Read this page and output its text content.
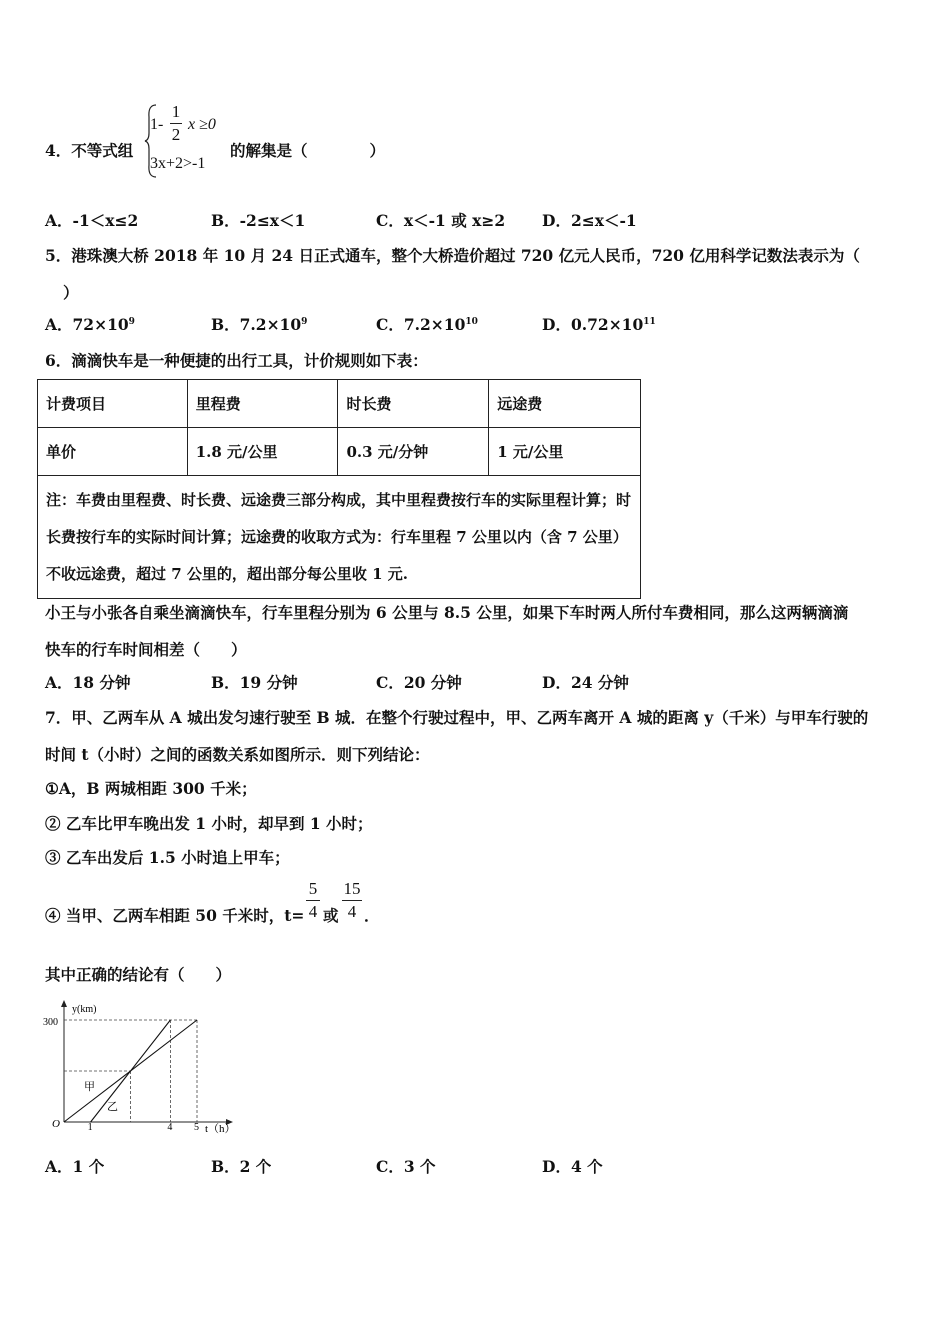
4．不等式组
1-
1
2
x ≥0
3x+2>-1
的解集是（　　　　）
A．-1＜x≤2	B．-2≤x＜1	C．x＜-1 或 x≥2 D．2≤x＜-1
5．港珠澳大桥 2018 年 10 月 24 日正式通车，整个大桥造价超过 720 亿元人民币，720 亿用科学记数法表示为（
）
A．$72\times 10^9$	B．$7.2\times 10^9$	C．$7.2\times 10^{10}$	D．$0.72\times 10^{11}$
6．滴滴快车是一种便捷的出行工具，计价规则如下表：
计费项目	里程费	时长费	远途费
单价	1.8 元/公里	0.3 元/分钟	1 元/公里
注：车费由里程费、时长费、远途费三部分构成，其中里程费按行车的实际里程计算；时长费按行车的实际时间计算；远途费的收取方式为：行车里程 7 公里以内（含 7 公里）不收远途费，超过 7 公里的，超出部分每公里收 1 元.			
小王与小张各自乘坐滴滴快车，行车里程分别为 6 公里与 8.5 公里，如果下车时两人所付车费相同，那么这两辆滴滴
快车的行车时间相差（　　）
A．18 分钟	B．19 分钟	C．20 分钟	D．24 分钟
7．甲、乙两车从 A 城出发匀速行驶至 B 城．在整个行驶过程中，甲、乙两车离开 A 城的距离 y（千米）与甲车行驶的
时间 t（小时）之间的函数关系如图所示．则下列结论：
①A，B 两城相距 300 千米；
② 乙车比甲车晚出发 1 小时，却早到 1 小时；
③ 乙车出发后 1.5 小时追上甲车；
④ 当甲、乙两车相距 50 千米时，t=
5
4 或
15
4 ．
其中正确的结论有（　　）
1	4 5
y(km)
t（h）
300
O
甲
乙
A．1 个	B．2 个	C．3 个	D．4 个
